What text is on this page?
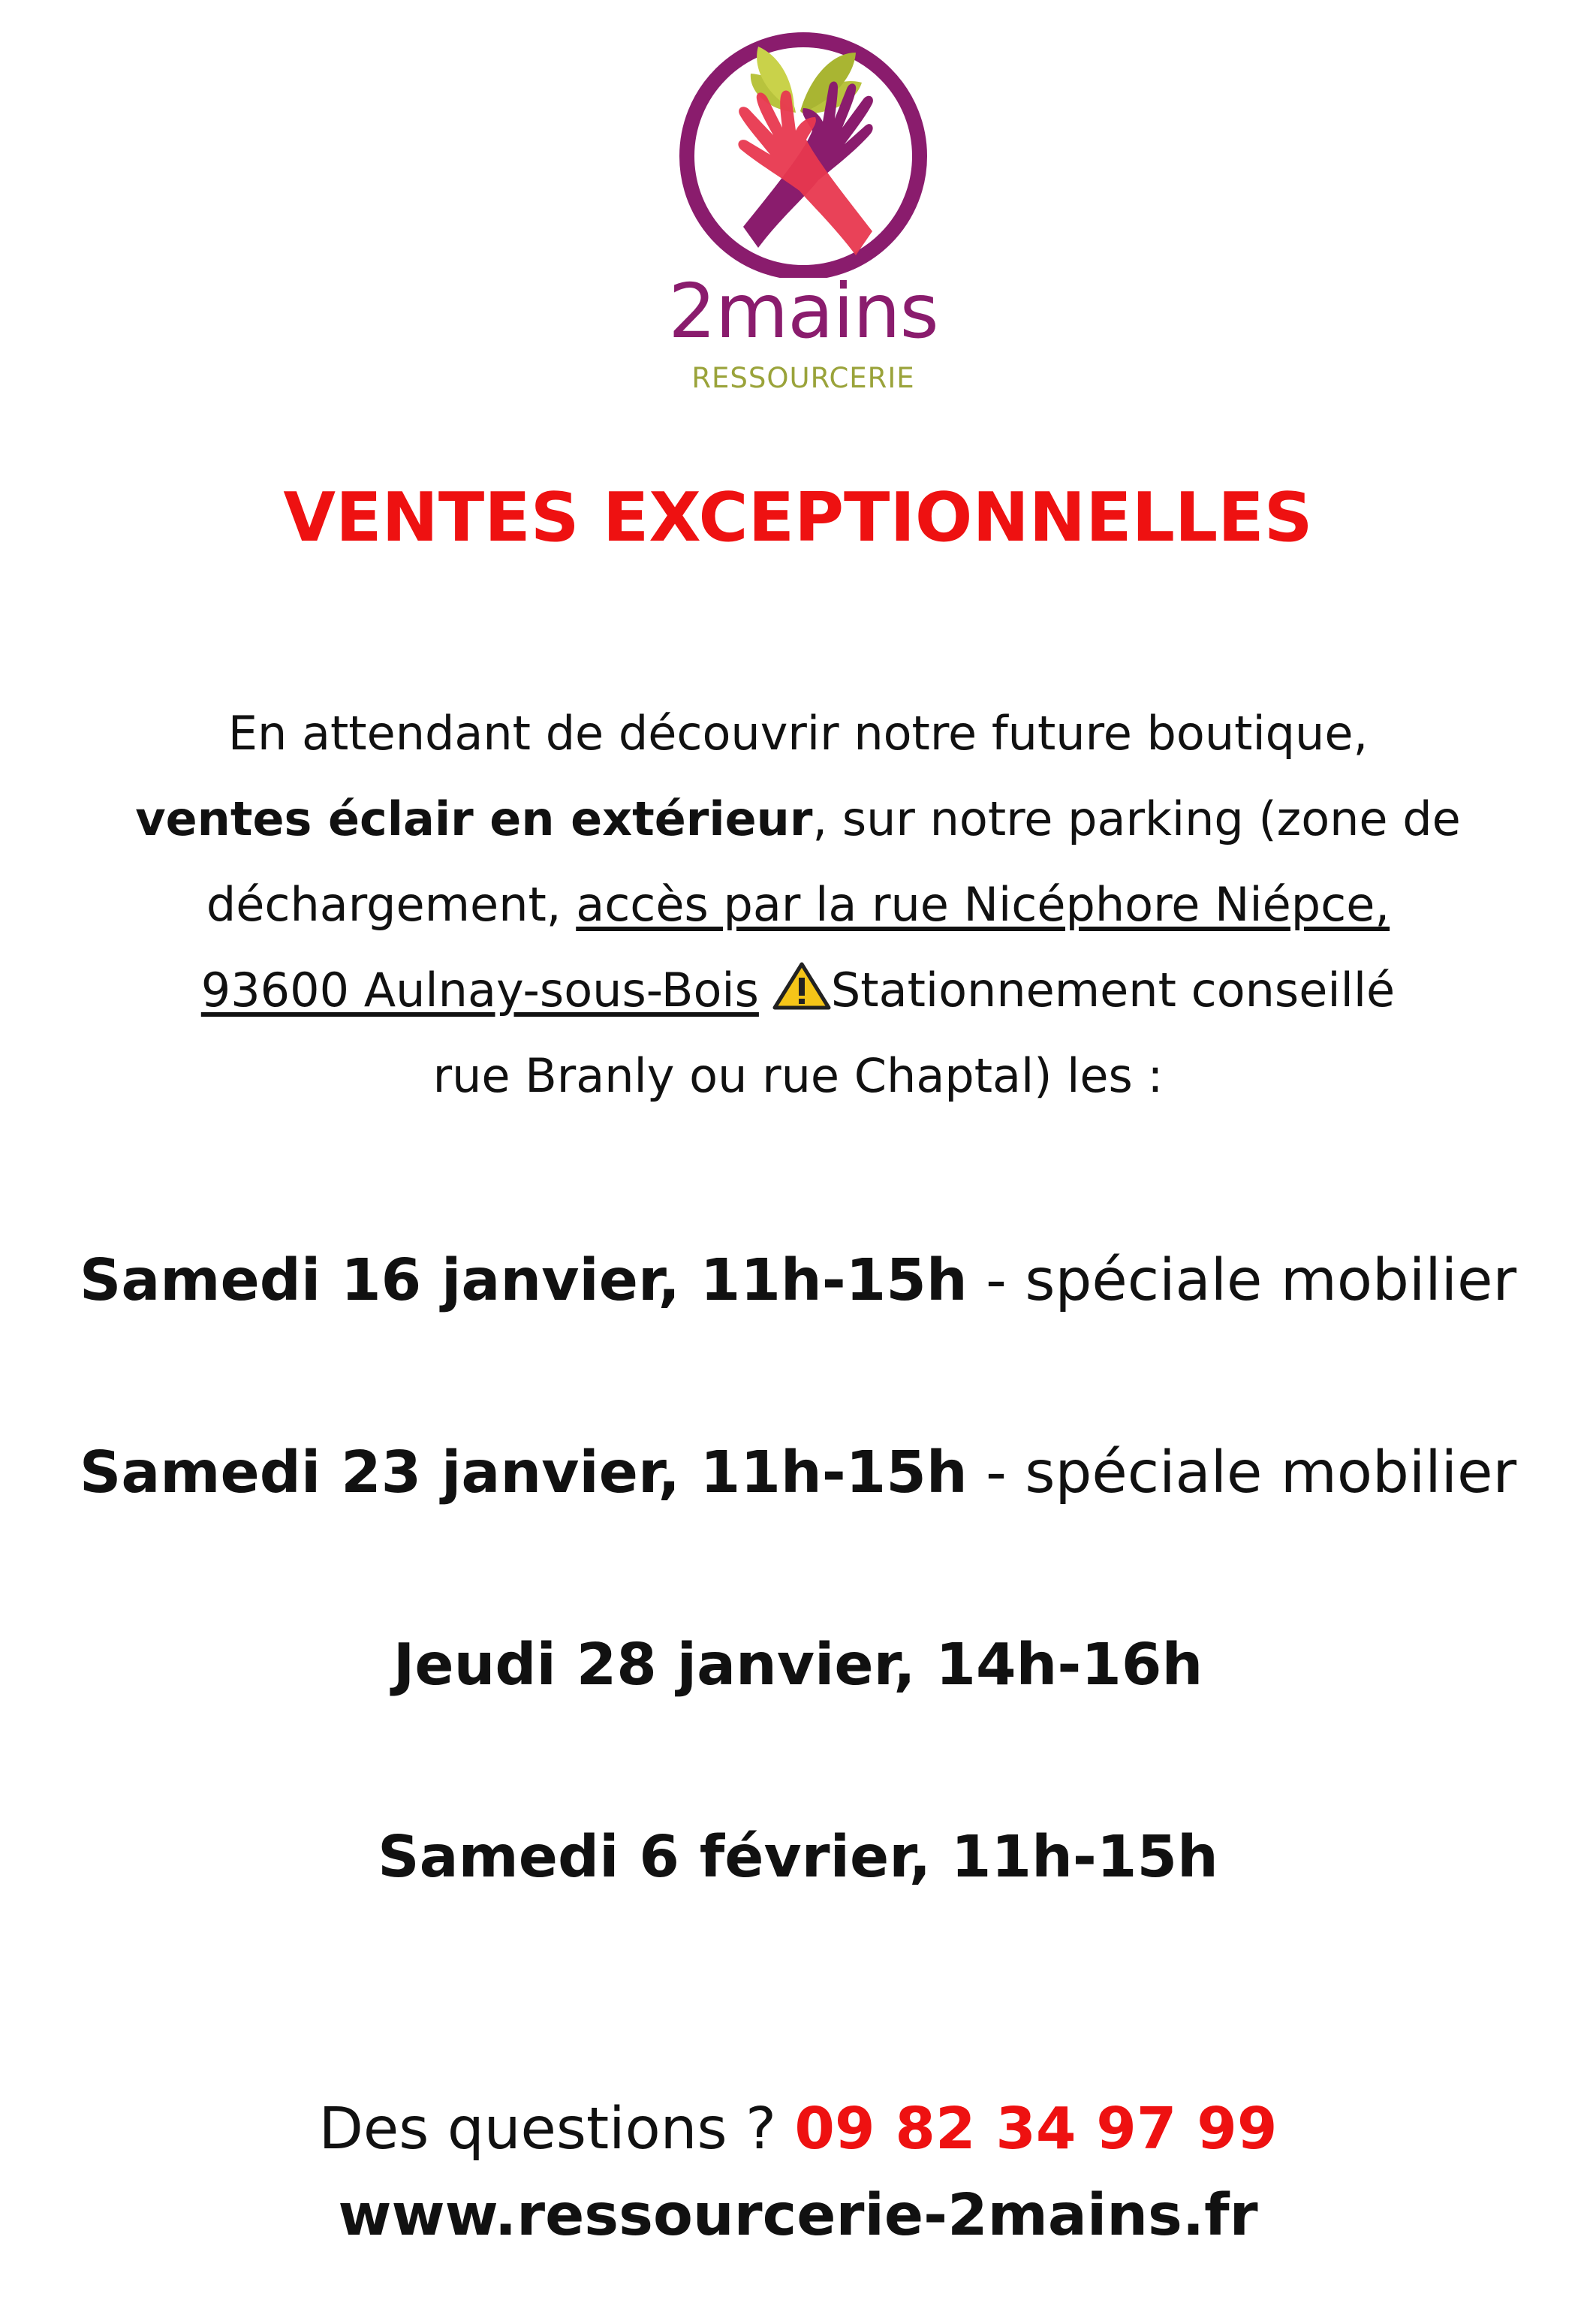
2mains
RESSOURCERIE
VENTES EXCEPTIONNELLES
En attendant de découvrir notre future boutique,
ventes éclair en extérieur, sur notre parking (zone de
déchargement, accès par la rue Nicéphore Niépce,
93600 Aulnay-sous-Bois Stationnement conseillé
rue Branly ou rue Chaptal) les :
Samedi 16 janvier, 11h-15h - spéciale mobilier
Samedi 23 janvier, 11h-15h - spéciale mobilier
Jeudi 28 janvier, 14h-16h
Samedi 6 février, 11h-15h
Des questions ? 09 82 34 97 99
www.ressourcerie-2mains.fr
